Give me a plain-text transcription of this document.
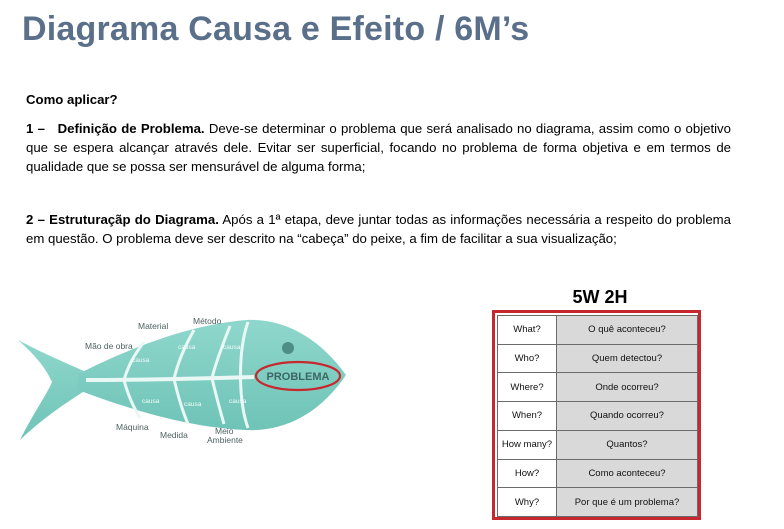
Diagrama Causa e Efeito / 6M’s
Como aplicar?

1 – Definição de Problema. Deve-se determinar o problema que será analisado no diagrama, assim como o objetivo que se espera alcançar através dele. Evitar ser superficial, focando no problema de forma objetiva e em termos de qualidade que se possa ser mensurável de alguma forma;

2 – Estruturaçãp do Diagrama. Após a 1ª etapa, deve juntar todas as informações necessária a respeito do problema em questão. O problema deve ser descrito na “cabeça” do peixe, a fim de facilitar a sua visualização;

causa
causa	causa
causa	causa	causa
Material	Método
Mão de obra
Máquina
Medida	Meio
Ambiente
PROBLEMA
5W 2H
What?	O quê aconteceu?
Who?	Quem detectou?
Where?	Onde ocorreu?
When?	Quando ocorreu?
How many?	Quantos?
How?	Como aconteceu?
Why?	Por que é um problema?
